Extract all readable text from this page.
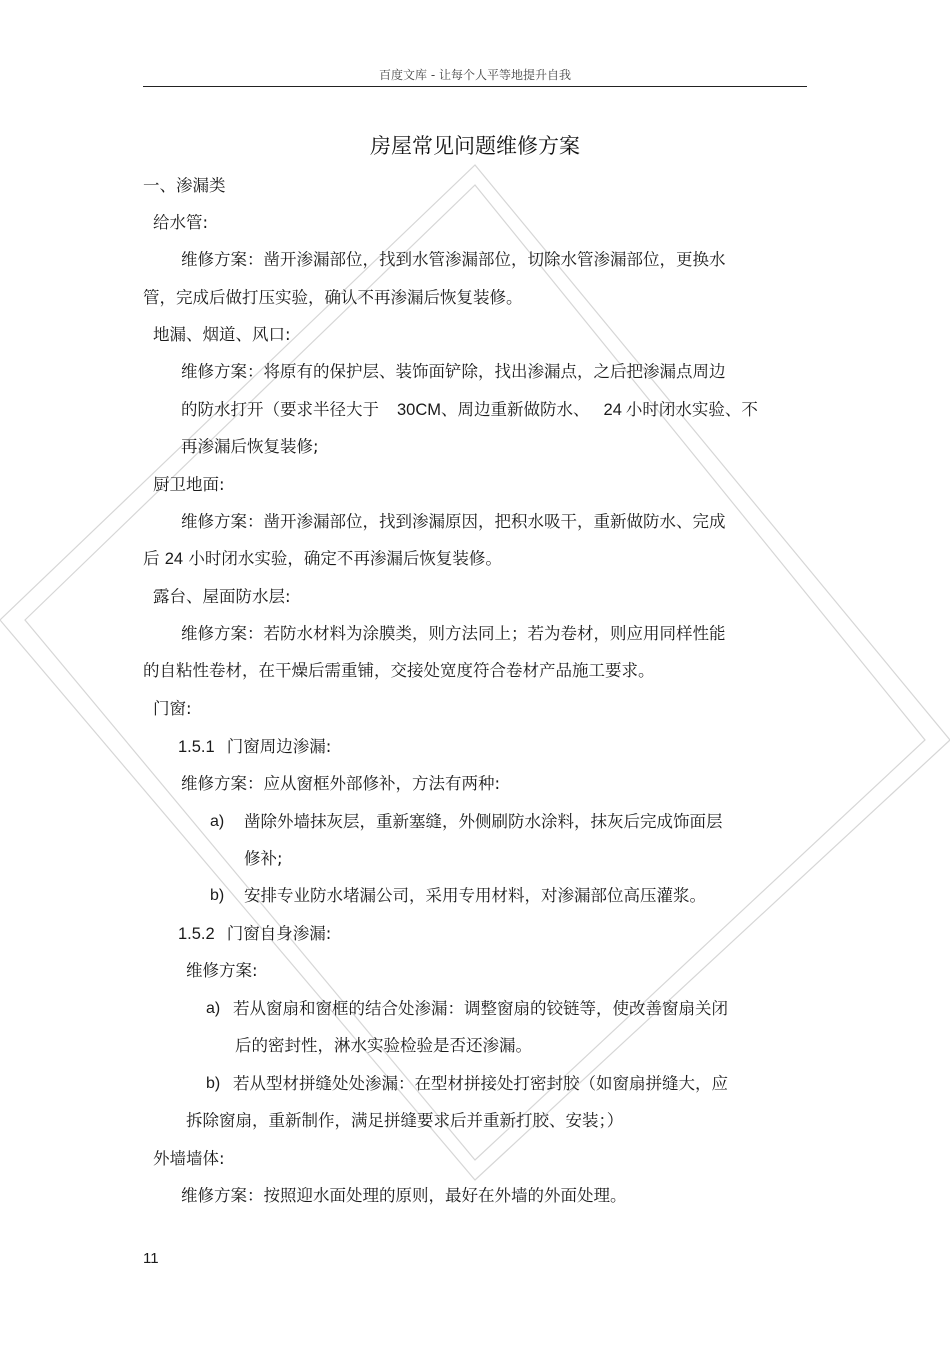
百度文库 - 让每个人平等地提升自我
房屋常见问题维修方案
一、渗漏类
给水管:
维修方案：凿开渗漏部位，找到水管渗漏部位，切除水管渗漏部位，更换水
管，完成后做打压实验，确认不再渗漏后恢复装修。
地漏、烟道、风口:
维修方案：将原有的保护层、装饰面铲除，找出渗漏点，之后把渗漏点周边
的防水打开（要求半径大于 30CM、周边重新做防水、 24 小时闭水实验、不
再渗漏后恢复装修;
厨卫地面:
维修方案：凿开渗漏部位，找到渗漏原因，把积水吸干，重新做防水、完成
后 24 小时闭水实验，确定不再渗漏后恢复装修。
露台、屋面防水层:
维修方案：若防水材料为涂膜类，则方法同上；若为卷材，则应用同样性能
的自粘性卷材，在干燥后需重铺，交接处宽度符合卷材产品施工要求。
门窗:
1.5.1 门窗周边渗漏:
维修方案：应从窗框外部修补，方法有两种:
a) 凿除外墙抹灰层，重新塞缝，外侧刷防水涂料，抹灰后完成饰面层
修补;
b) 安排专业防水堵漏公司，采用专用材料，对渗漏部位高压灌浆。
1.5.2 门窗自身渗漏:
维修方案:
a) 若从窗扇和窗框的结合处渗漏：调整窗扇的铰链等，使改善窗扇关闭
后的密封性，淋水实验检验是否还渗漏。
b) 若从型材拼缝处处渗漏：在型材拼接处打密封胶（如窗扇拼缝大，应
拆除窗扇，重新制作，满足拼缝要求后并重新打胶、安装；）
外墙墙体:
维修方案：按照迎水面处理的原则，最好在外墙的外面处理。
11
